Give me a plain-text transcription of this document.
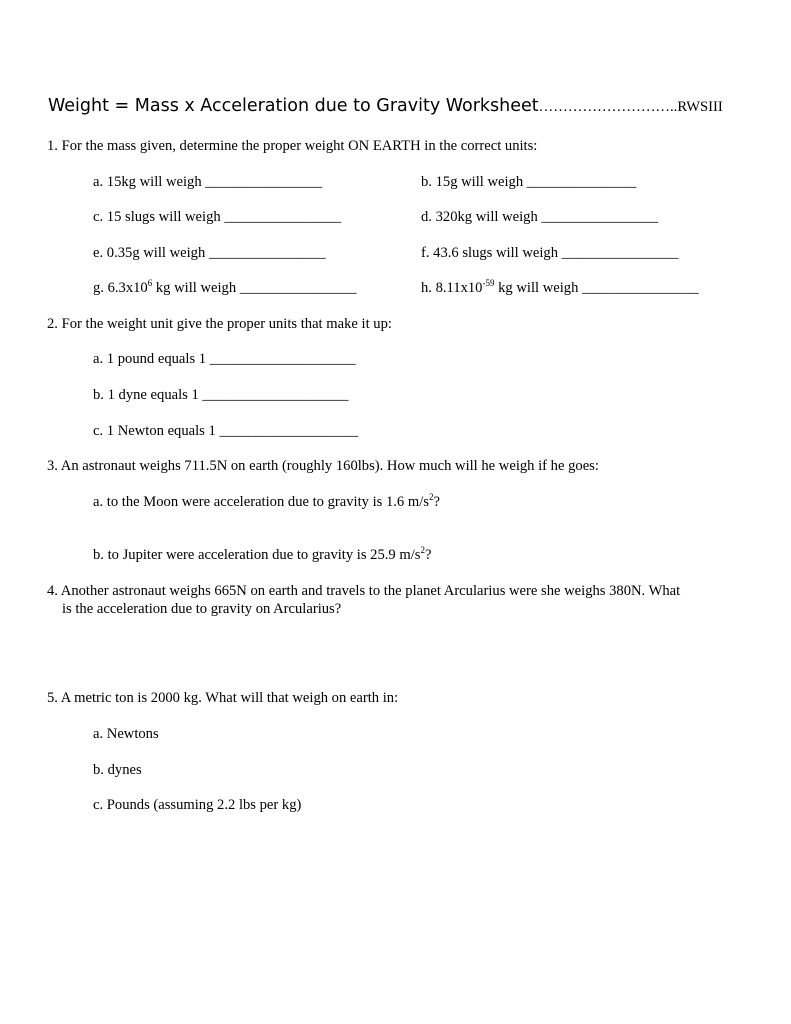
Weight = Mass x Acceleration due to Gravity Worksheet………………………..RWSIII
1. For the mass given, determine the proper weight ON EARTH in the correct units:
a. 15kg will weigh ________________	b. 15g will weigh _______________
c. 15 slugs will weigh ________________	d. 320kg will weigh ________________
e. 0.35g will weigh ________________	f. 43.6 slugs will weigh ________________
g. $6.3x10^6$ kg will weigh ________________	h. $8.11x10^{-59}$ kg will weigh ________________
2. For the weight unit give the proper units that make it up:
a. 1 pound equals 1 ____________________
b. 1 dyne equals 1 ____________________
c. 1 Newton equals 1 ___________________
3. An astronaut weighs 711.5N on earth (roughly 160lbs). How much will he weigh if he goes:
a. to the Moon were acceleration due to gravity is 1.6 $m/s^2$?
b. to Jupiter were acceleration due to gravity is 25.9 $m/s^2$?
4. Another astronaut weighs 665N on earth and travels to the planet Arcularius were she weighs 380N. What
is the acceleration due to gravity on Arcularius?
5. A metric ton is 2000 kg. What will that weigh on earth in:
a. Newtons
b. dynes
c. Pounds (assuming 2.2 lbs per kg)
